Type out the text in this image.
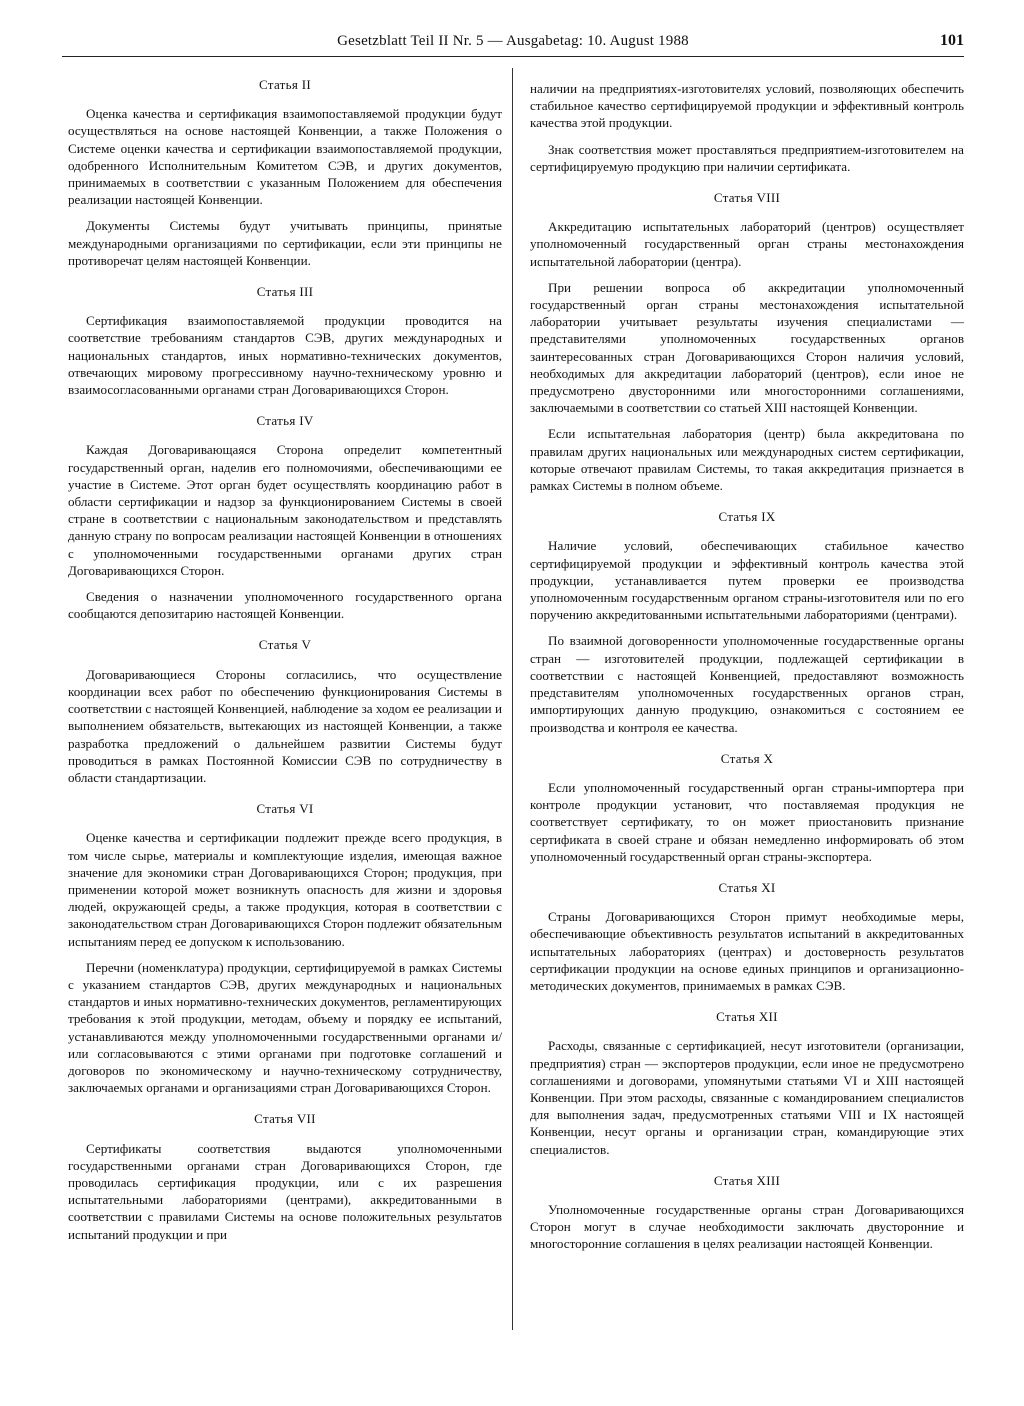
Gesetzblatt Teil II Nr. 5 — Ausgabetag: 10. August 1988	101
Статья II

Оценка качества и сертификация взаимопоставляемой продукции будут осуществляться на основе настоящей Конвенции, а также Положения о Системе оценки качества и сертификации взаимопоставляемой продукции, одобренного Исполнительным Комитетом СЭВ, и других документов, принимаемых в соответствии с указанным Положением для обеспечения реализации настоящей Конвенции.

Документы Системы будут учитывать принципы, принятые международными организациями по сертификации, если эти принципы не противоречат целям настоящей Конвенции.

Статья III

Сертификация взаимопоставляемой продукции проводится на соответствие требованиям стандартов СЭВ, других международных и национальных стандартов, иных нормативно-технических документов, отвечающих мировому прогрессивному научно-техническому уровню и взаимосогласованными органами стран Договаривающихся Сторон.

Статья IV

Каждая Договаривающаяся Сторона определит компетентный государственный орган, наделив его полномочиями, обеспечивающими ее участие в Системе. Этот орган будет осуществлять координацию работ в области сертификации и надзор за функционированием Системы в своей стране в соответствии с национальным законодательством и представлять данную страну по вопросам реализации настоящей Конвенции в отношениях с уполномоченными государственными органами других стран Договаривающихся Сторон.

Сведения о назначении уполномоченного государственного органа сообщаются депозитарию настоящей Конвенции.

Статья V

Договаривающиеся Стороны согласились, что осуществление координации всех работ по обеспечению функционирования Системы в соответствии с настоящей Конвенцией, наблюдение за ходом ее реализации и выполнением обязательств, вытекающих из настоящей Конвенции, а также разработка предложений о дальнейшем развитии Системы будут проводиться в рамках Постоянной Комиссии СЭВ по сотрудничеству в области стандартизации.

Статья VI

Оценке качества и сертификации подлежит прежде всего продукция, в том числе сырье, материалы и комплектующие изделия, имеющая важное значение для экономики стран Договаривающихся Сторон; продукция, при применении которой может возникнуть опасность для жизни и здоровья людей, окружающей среды, а также продукция, которая в соответствии с законодательством стран Договаривающихся Сторон подлежит обязательным испытаниям перед ее допуском к использованию.

Перечни (номенклатура) продукции, сертифицируемой в рамках Системы с указанием стандартов СЭВ, других международных и национальных стандартов и иных нормативно-технических документов, регламентирующих требования к этой продукции, методам, объему и порядку ее испытаний, устанавливаются между уполномоченными государственными органами и/или согласовываются с этими органами при подготовке соглашений и договоров по экономическому и научно-техническому сотрудничеству, заключаемых органами и организациями стран Договаривающихся Сторон.

Статья VII

Сертификаты соответствия выдаются уполномоченными государственными органами стран Договаривающихся Сторон, где проводилась сертификация продукции, или с их разрешения испытательными лабораториями (центрами), аккредитованными в соответствии с правилами Системы на основе положительных результатов испытаний продукции и при

наличии на предприятиях-изготовителях условий, позволяющих обеспечить стабильное качество сертифицируемой продукции и эффективный контроль качества этой продукции.

Знак соответствия может проставляться предприятием-изготовителем на сертифицируемую продукцию при наличии сертификата.

Статья VIII

Аккредитацию испытательных лабораторий (центров) осуществляет уполномоченный государственный орган страны местонахождения испытательной лаборатории (центра).

При решении вопроса об аккредитации уполномоченный государственный орган страны местонахождения испытательной лаборатории учитывает результаты изучения специалистами — представителями уполномоченных государственных органов заинтересованных стран Договаривающихся Сторон наличия условий, необходимых для аккредитации лабораторий (центров), если иное не предусмотрено двусторонними или многосторонними соглашениями, заключаемыми в соответствии со статьей XIII настоящей Конвенции.

Если испытательная лаборатория (центр) была аккредитована по правилам других национальных или международных систем сертификации, которые отвечают правилам Системы, то такая аккредитация признается в рамках Системы в полном объеме.

Статья IX

Наличие условий, обеспечивающих стабильное качество сертифицируемой продукции и эффективный контроль качества этой продукции, устанавливается путем проверки ее производства уполномоченным государственным органом страны-изготовителя или по его поручению аккредитованными испытательными лабораториями (центрами).

По взаимной договоренности уполномоченные государственные органы стран — изготовителей продукции, подлежащей сертификации в соответствии с настоящей Конвенцией, предоставляют возможность представителям уполномоченных государственных органов стран, импортирующих данную продукцию, ознакомиться с состоянием ее производства и контроля ее качества.

Статья X

Если уполномоченный государственный орган страны-импортера при контроле продукции установит, что поставляемая продукция не соответствует сертификату, то он может приостановить признание сертификата в своей стране и обязан немедленно информировать об этом уполномоченный государственный орган страны-экспортера.

Статья XI

Страны Договаривающихся Сторон примут необходимые меры, обеспечивающие объективность результатов испытаний в аккредитованных испытательных лабораториях (центрах) и достоверность результатов сертификации продукции на основе единых принципов и организационно-методических документов, принимаемых в рамках СЭВ.

Статья XII

Расходы, связанные с сертификацией, несут изготовители (организации, предприятия) стран — экспортеров продукции, если иное не предусмотрено соглашениями и договорами, упомянутыми статьями VI и XIII настоящей Конвенции. При этом расходы, связанные с командированием специалистов для выполнения задач, предусмотренных статьями VIII и IX настоящей Конвенции, несут органы и организации стран, командирующие этих специалистов.

Статья XIII

Уполномоченные государственные органы стран Договаривающихся Сторон могут в случае необходимости заключать двусторонние и многосторонние соглашения в целях реализации настоящей Конвенции.
